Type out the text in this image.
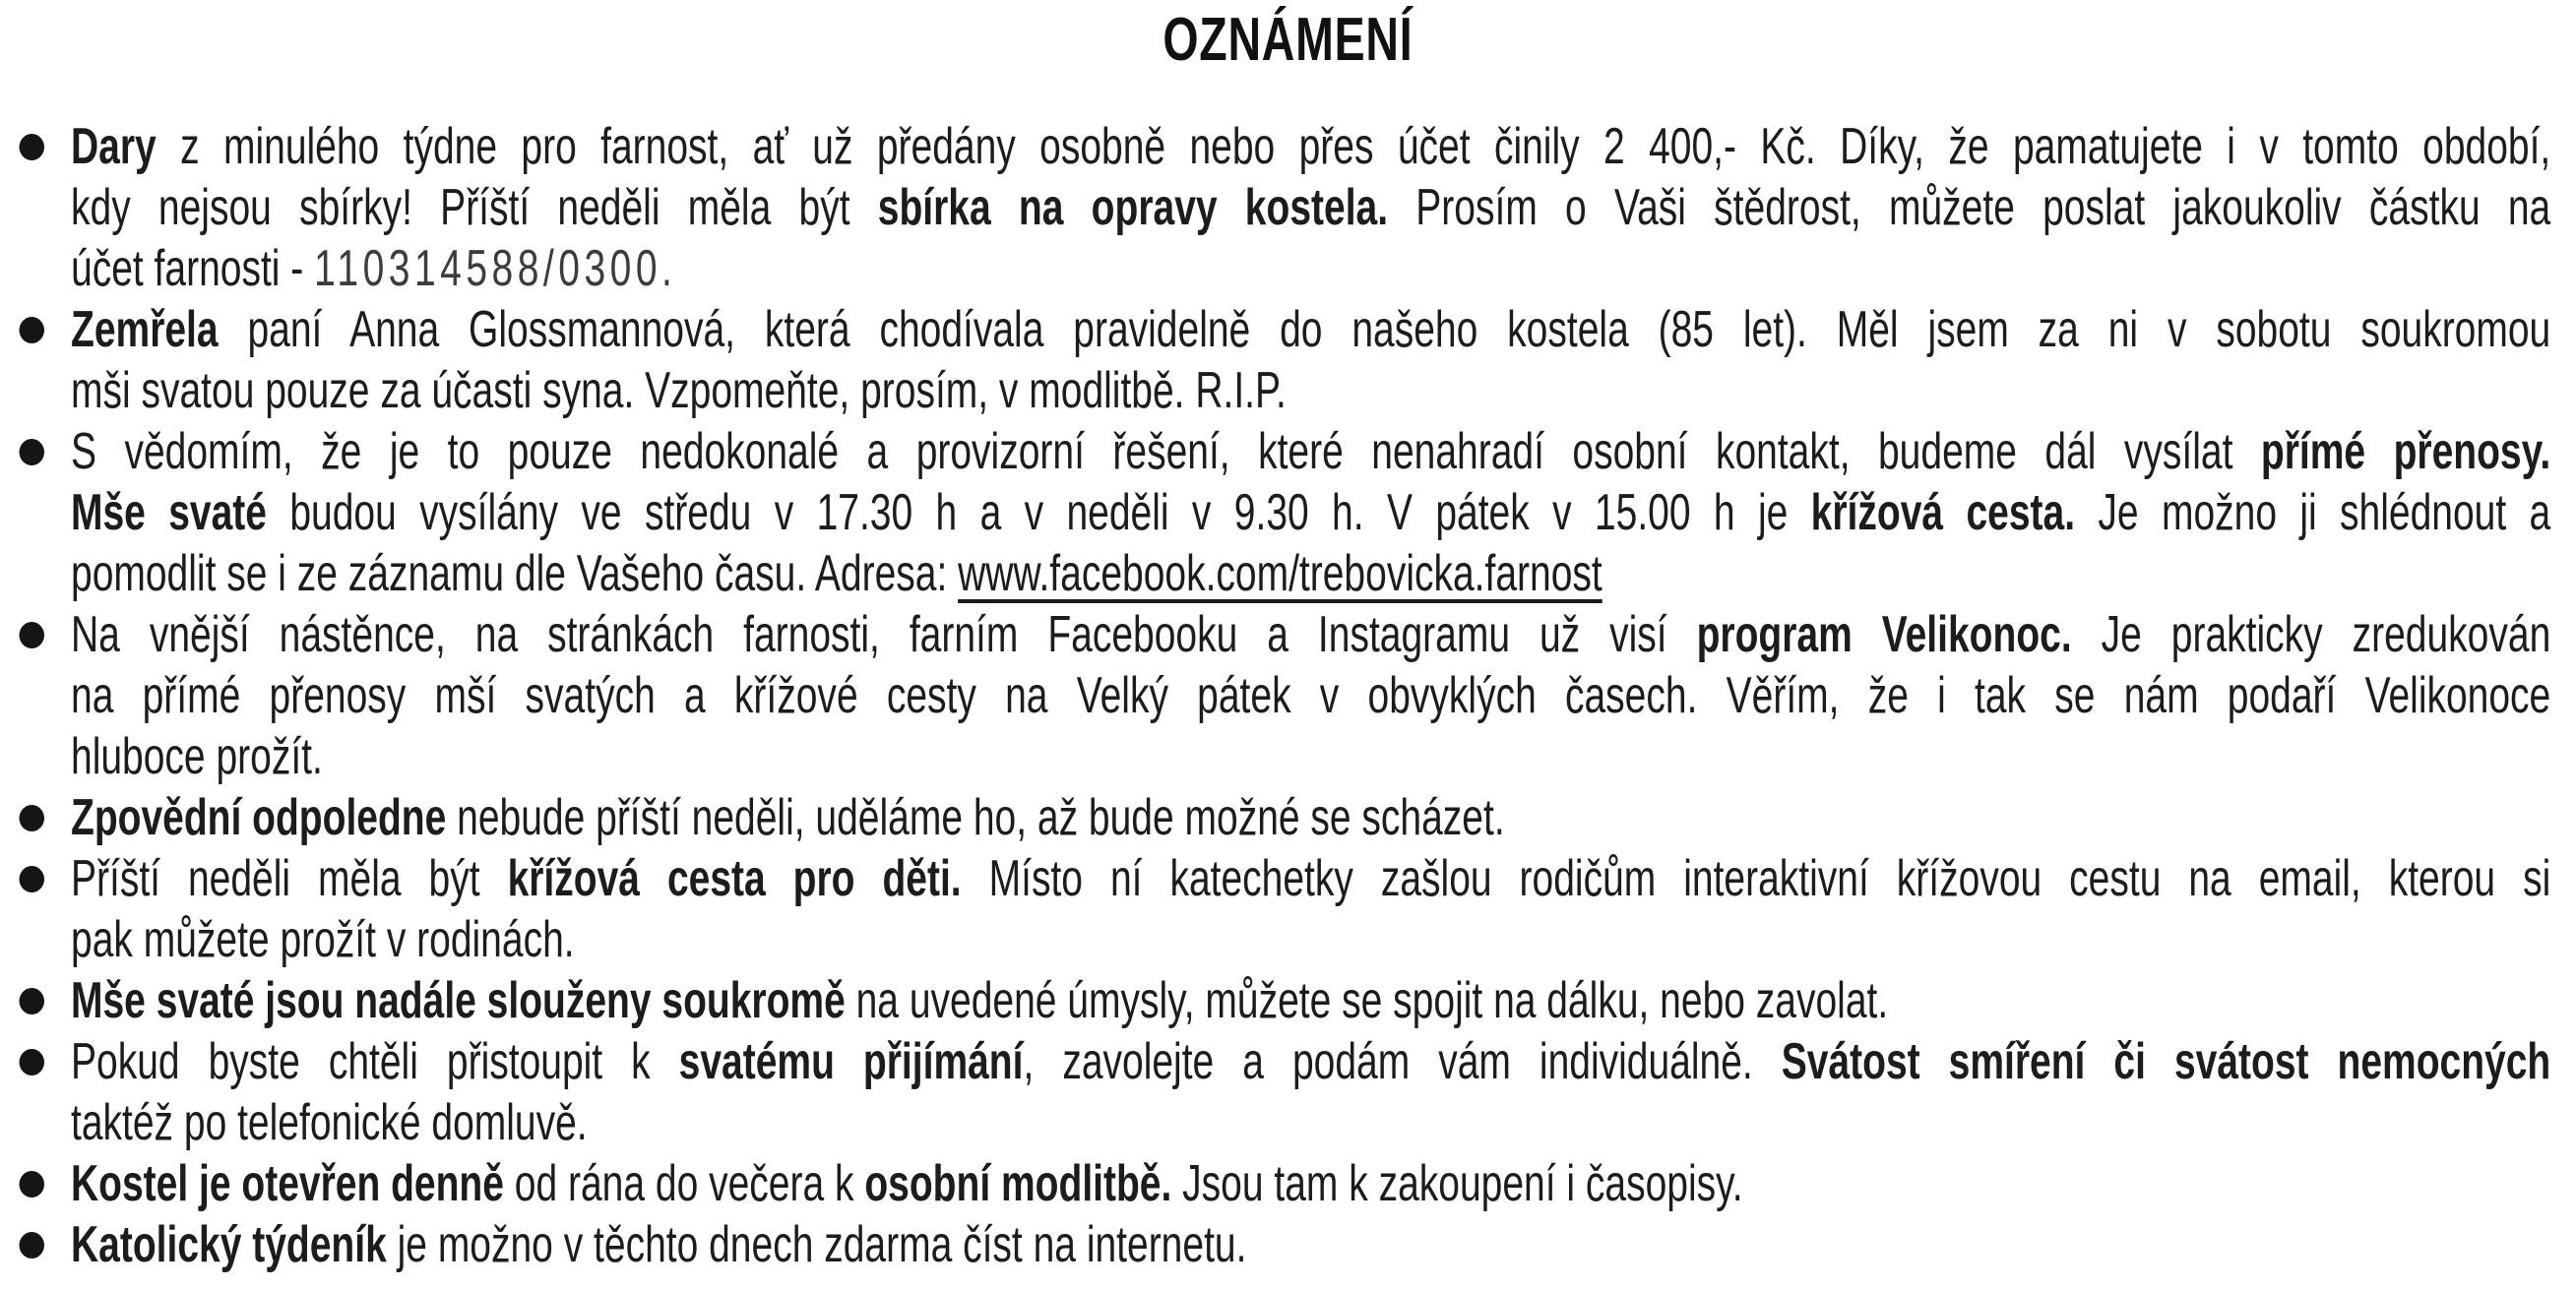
OZNÁMENÍ
Dary z minulého týdne pro farnost, ať už předány osobně nebo přes účet činily 2 400,- Kč. Díky, že pamatujete i v tomto období,
kdy nejsou sbírky! Příští neděli měla být sbírka na opravy kostela. Prosím o Vaši štědrost, můžete poslat jakoukoliv částku na
účet farnosti - 110314588/0300.
Zemřela paní Anna Glossmannová, která chodívala pravidelně do našeho kostela (85 let). Měl jsem za ni v sobotu soukromou
mši svatou pouze za účasti syna. Vzpomeňte, prosím, v modlitbě. R.I.P.
S vědomím, že je to pouze nedokonalé a provizorní řešení, které nenahradí osobní kontakt, budeme dál vysílat přímé přenosy.
Mše svaté budou vysílány ve středu v 17.30 h a v neděli v 9.30 h. V pátek v 15.00 h je křížová cesta. Je možno ji shlédnout a
pomodlit se i ze záznamu dle Vašeho času. Adresa: www.facebook.com/trebovicka.farnost
Na vnější nástěnce, na stránkách farnosti, farním Facebooku a Instagramu už visí program Velikonoc. Je prakticky zredukován
na přímé přenosy mší svatých a křížové cesty na Velký pátek v obvyklých časech. Věřím, že i tak se nám podaří Velikonoce
hluboce prožít.
Zpovědní odpoledne nebude příští neděli, uděláme ho, až bude možné se scházet.
Příští neděli měla být křížová cesta pro děti. Místo ní katechetky zašlou rodičům interaktivní křížovou cestu na email, kterou si
pak můžete prožít v rodinách.
Mše svaté jsou nadále slouženy soukromě na uvedené úmysly, můžete se spojit na dálku, nebo zavolat.
Pokud byste chtěli přistoupit k svatému přijímání, zavolejte a podám vám individuálně. Svátost smíření či svátost nemocných
taktéž po telefonické domluvě.
Kostel je otevřen denně od rána do večera k osobní modlitbě. Jsou tam k zakoupení i časopisy.
Katolický týdeník je možno v těchto dnech zdarma číst na internetu.
